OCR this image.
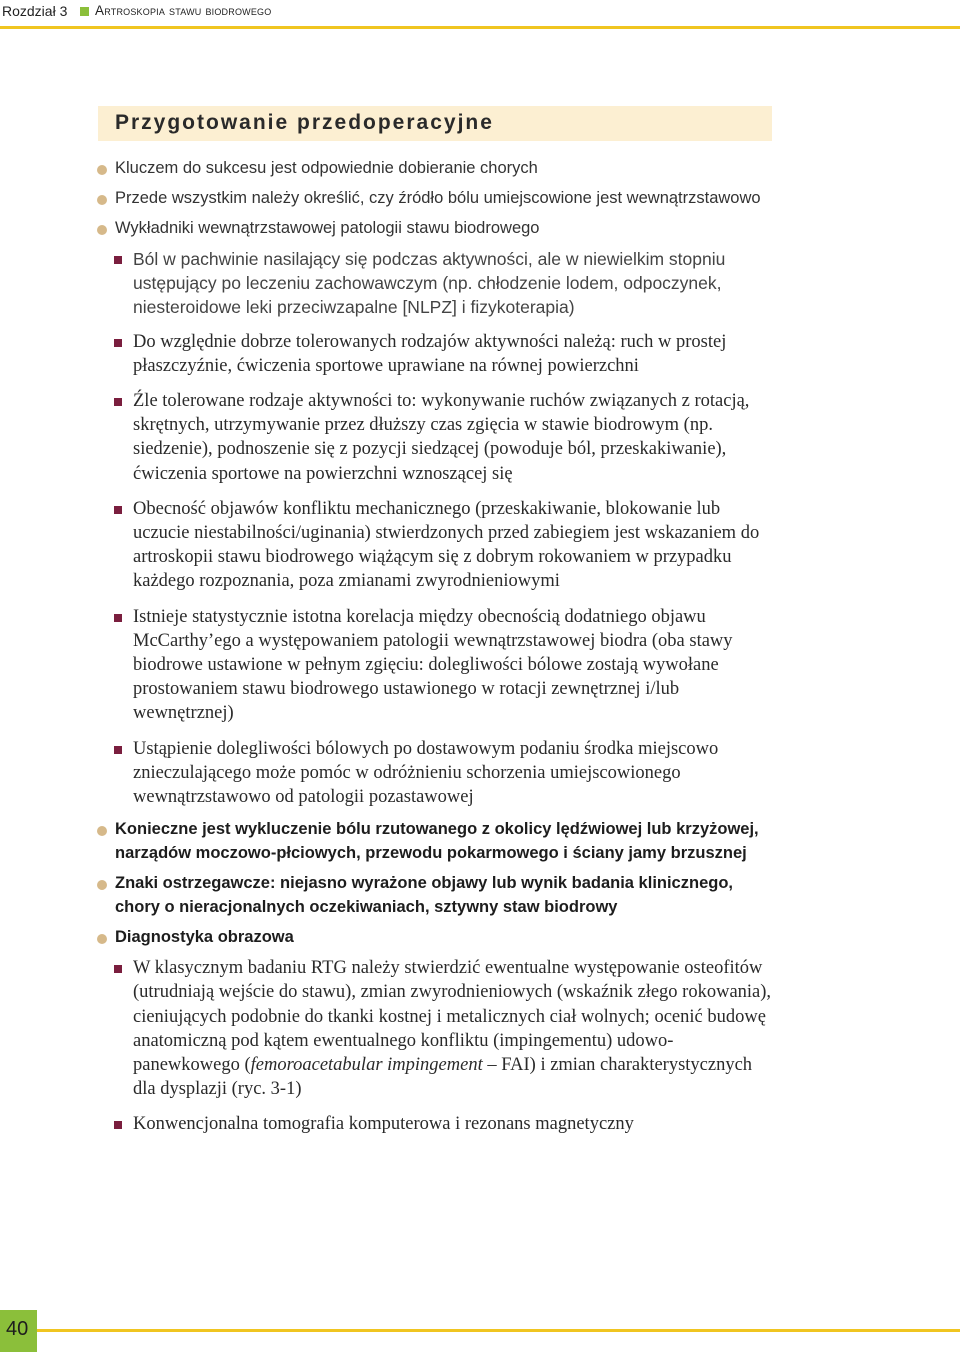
Rozdział 3 Artroskopia stawu biodrowego
Przygotowanie przedoperacyjne
Kluczem do sukcesu jest odpowiednie dobieranie chorych
Przede wszystkim należy określić, czy źródło bólu umiejscowione jest wewnątrzstawowo
Wykładniki wewnątrzstawowej patologii stawu biodrowego
Ból w pachwinie nasilający się podczas aktywności, ale w niewielkim stopniu ustępujący po leczeniu zachowawczym (np. chłodzenie lodem, odpoczynek, niesteroidowe leki przeciwzapalne [NLPZ] i fizykoterapia)
Do względnie dobrze tolerowanych rodzajów aktywności należą: ruch w prostej płaszczyźnie, ćwiczenia sportowe uprawiane na równej powierzchni
Źle tolerowane rodzaje aktywności to: wykonywanie ruchów związanych z rotacją, skrętnych, utrzymywanie przez dłuższy czas zgięcia w stawie biodrowym (np. siedzenie), podnoszenie się z pozycji siedzącej (powoduje ból, przeskakiwanie), ćwiczenia sportowe na powierzchni wznoszącej się
Obecność objawów konfliktu mechanicznego (przeskakiwanie, blokowanie lub uczucie niestabilności/uginania) stwierdzonych przed zabiegiem jest wskazaniem do artroskopii stawu biodrowego wiążącym się z dobrym rokowaniem w przypadku każdego rozpoznania, poza zmianami zwyrodnieniowymi
Istnieje statystycznie istotna korelacja między obecnością dodatniego objawu McCarthy’ego a występowaniem patologii wewnątrzstawowej biodra (oba stawy biodrowe ustawione w pełnym zgięciu: dolegliwości bólowe zostają wywołane prostowaniem stawu biodrowego ustawionego w rotacji zewnętrznej i/lub wewnętrznej)
Ustąpienie dolegliwości bólowych po dostawowym podaniu środka miejscowo znieczulającego może pomóc w odróżnieniu schorzenia umiejscowionego wewnątrzstawowo od patologii pozastawowej
Konieczne jest wykluczenie bólu rzutowanego z okolicy lędźwiowej lub krzyżowej, narządów moczowo-płciowych, przewodu pokarmowego i ściany jamy brzusznej
Znaki ostrzegawcze: niejasno wyrażone objawy lub wynik badania klinicznego, chory o nieracjonalnych oczekiwaniach, sztywny staw biodrowy
Diagnostyka obrazowa
W klasycznym badaniu RTG należy stwierdzić ewentualne występowanie osteofitów (utrudniają wejście do stawu), zmian zwyrodnieniowych (wskaźnik złego rokowania), cieniujących podobnie do tkanki kostnej i metalicznych ciał wolnych; ocenić budowę anatomiczną pod kątem ewentualnego konfliktu (impingementu) udowo-panewkowego (femoroacetabular impingement – FAI) i zmian charakterystycznych dla dysplazji (ryc. 3-1)
Konwencjonalna tomografia komputerowa i rezonans magnetyczny
40
